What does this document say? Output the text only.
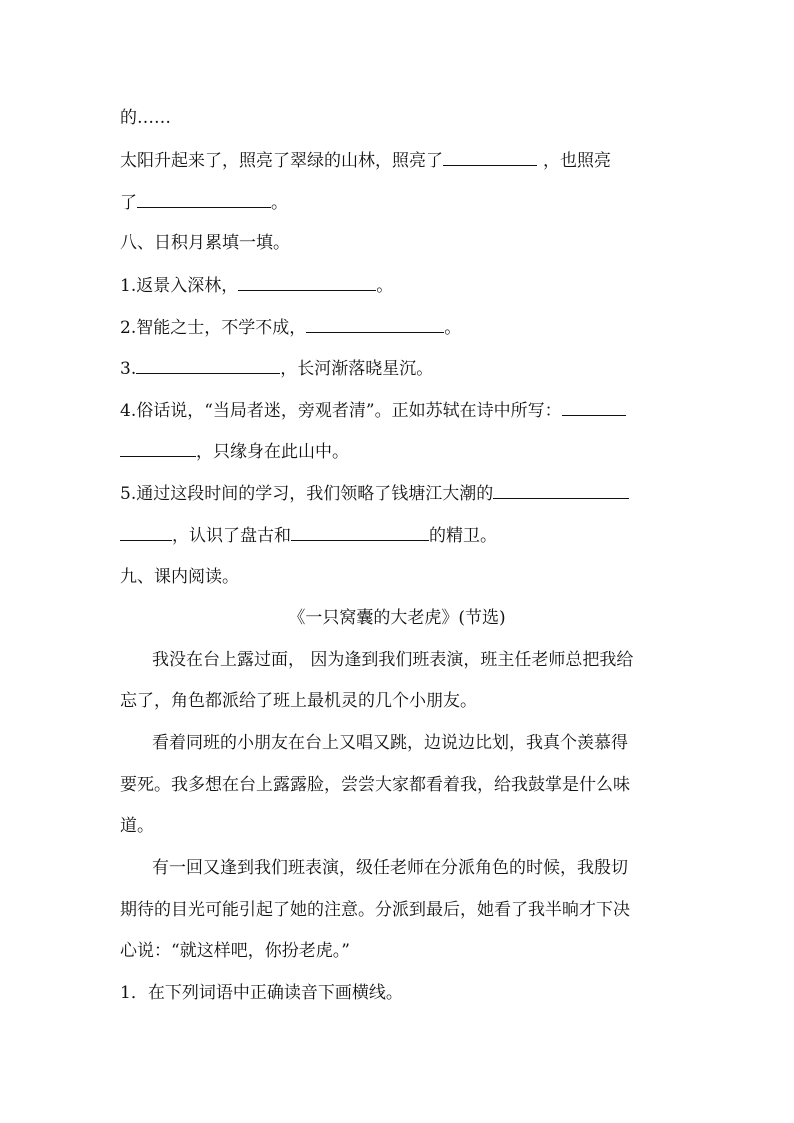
的……
太阳升起来了，照亮了翠绿的山林，照亮了	，也照亮
了	。
八、日积月累填一填。
1.返景入深林，	。
2.智能之士，不学不成，	。
3.	，长河渐落晓星沉。
4.俗话说，“当局者迷，旁观者清”。正如苏轼在诗中所写：
，只缘身在此山中。
5.通过这段时间的学习，我们领略了钱塘江大潮的
，认识了盘古和	的精卫。
九、课内阅读。
《一只窝囊的大老虎》(节选)
我没在台上露过面， 因为逢到我们班表演，班主任老师总把我给
忘了，角色都派给了班上最机灵的几个小朋友。
看着同班的小朋友在台上又唱又跳，边说边比划，我真个羡慕得
要死。我多想在台上露露脸，尝尝大家都看着我，给我鼓掌是什么味
道。
有一回又逢到我们班表演，级任老师在分派角色的时候，我殷切
期待的目光可能引起了她的注意。分派到最后，她看了我半晌才下决
心说：“就这样吧，你扮老虎。”
1．在下列词语中正确读音下画横线。
